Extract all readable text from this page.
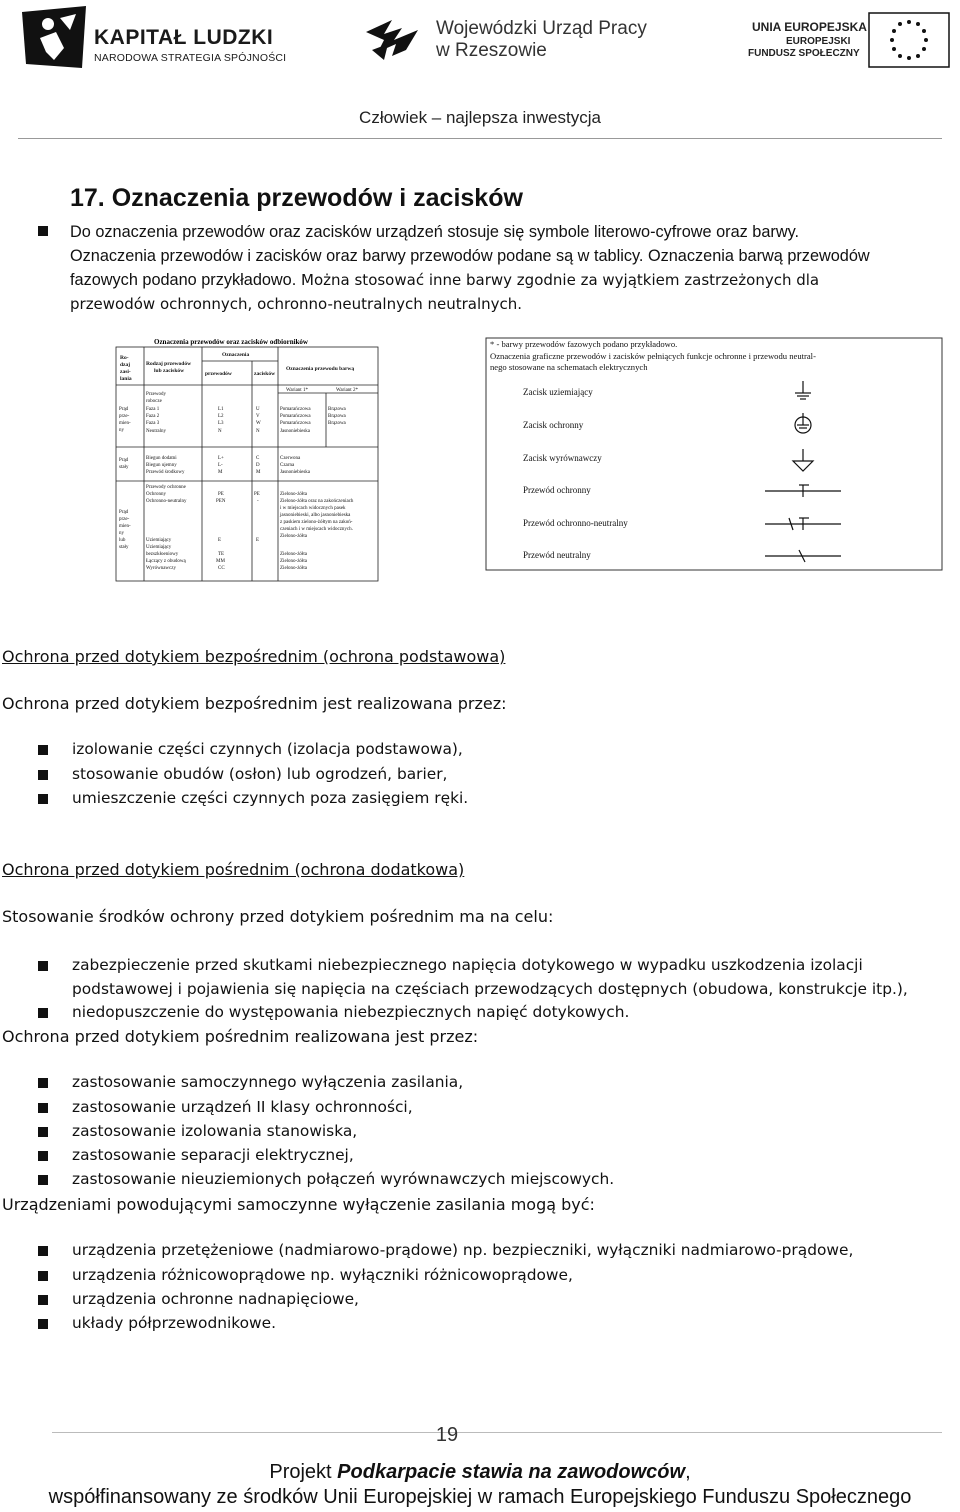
KAPITAŁ LUDZKI
NARODOWA STRATEGIA SPÓJNOŚCI
Wojewódzki Urząd Pracy
w Rzeszowie
UNIA EUROPEJSKA
EUROPEJSKI
FUNDUSZ SPOŁECZNY
Człowiek – najlepsza inwestycja
17. Oznaczenia przewodów i zacisków
Do oznaczenia przewodów oraz zacisków urządzeń stosuje się symbole literowo-cyfrowe oraz barwy.
Oznaczenia przewodów i zacisków oraz barwy przewodów podane są w tablicy. Oznaczenia barwą przewodów
fazowych podano przykładowo. Można stosować inne barwy zgodnie za wyjątkiem zastrzeżonych dla
przewodów ochronnych, ochronno-neutralnych neutralnych.
Oznaczenia przewodów oraz zacisków odbiorników
Ro-
dzaj
zasi-
lania
Rodzaj przewodów
lub zacisków
Oznaczenia
przewodów	zacisków
Oznaczenia przewodu barwą
Wariant 1*	Wariant 2*
Prąd
prze-
mien-
ny
Przewody
robocze
Faza 1
Faza 2
Faza 3
Neutralny
L1
L2
L3
N
U
V
W
N
Pomarańczowa
Pomarańczowa
Pomarańczowa
Jasnoniebieska
Brązowa
Brązowa
Brązowa
Prąd
stały
Biegun dodatni
Biegun ujemny
Przewód środkowy
L+
L-
M
C
D
M
Czerwona
Czarna
Jasnoniebieska
Prąd
prze-
mien-
ny
lub
stały
Przewody ochronne
Ochronny
Ochronno-neutralny
Uziemiający
Uziemiający
bezszkłoeniowy
Łączący z obudową
Wyrównawczy
PE
PEN
E
TE
MM
CC
PE
-
E
Zielono-żółta
Zielono-żółta oraz na zakończeniach
i w miejscach widocznych pasek
jasnoniebieski, albo jasnoniebieska
z paskiem zielono-żółtym na zakoń-
czeniach i w miejscach widocznych.
Zielono-żółta
Zielono-żółta
Zielono-żółta
Zielono-żółta
* - barwy przewodów fazowych podano przykładowo.
Oznaczenia graficzne przewodów i zacisków pełniących funkcje ochronne i przewodu neutral-
nego stosowane na schematach elektrycznych
Zacisk uziemiający
Zacisk ochronny
Zacisk wyrównawczy
Przewód ochronny
Przewód ochronno-neutralny
Przewód neutralny
Ochrona przed dotykiem bezpośrednim (ochrona podstawowa)
Ochrona przed dotykiem bezpośrednim jest realizowana przez:
izolowanie części czynnych (izolacja podstawowa),
stosowanie obudów (osłon) lub ogrodzeń, barier,
umieszczenie części czynnych poza zasięgiem ręki.
Ochrona przed dotykiem pośrednim (ochrona dodatkowa)
Stosowanie środków ochrony przed dotykiem pośrednim ma na celu:
zabezpieczenie przed skutkami niebezpiecznego napięcia dotykowego w wypadku uszkodzenia izolacji
podstawowej i pojawienia się napięcia na częściach przewodzących dostępnych (obudowa, konstrukcje itp.),
niedopuszczenie do występowania niebezpiecznych napięć dotykowych.
Ochrona przed dotykiem pośrednim realizowana jest przez:
zastosowanie samoczynnego wyłączenia zasilania,
zastosowanie urządzeń II klasy ochronności,
zastosowanie izolowania stanowiska,
zastosowanie separacji elektrycznej,
zastosowanie nieuziemionych połączeń wyrównawczych miejscowych.
Urządzeniami powodującymi samoczynne wyłączenie zasilania mogą być:
urządzenia przetężeniowe (nadmiarowo-prądowe) np. bezpieczniki, wyłączniki nadmiarowo-prądowe,
urządzenia różnicowoprądowe np. wyłączniki różnicowoprądowe,
urządzenia ochronne nadnapięciowe,
układy półprzewodnikowe.
19
Projekt Podkarpacie stawia na zawodowców,
współfinansowany ze środków Unii Europejskiej w ramach Europejskiego Funduszu Społecznego
